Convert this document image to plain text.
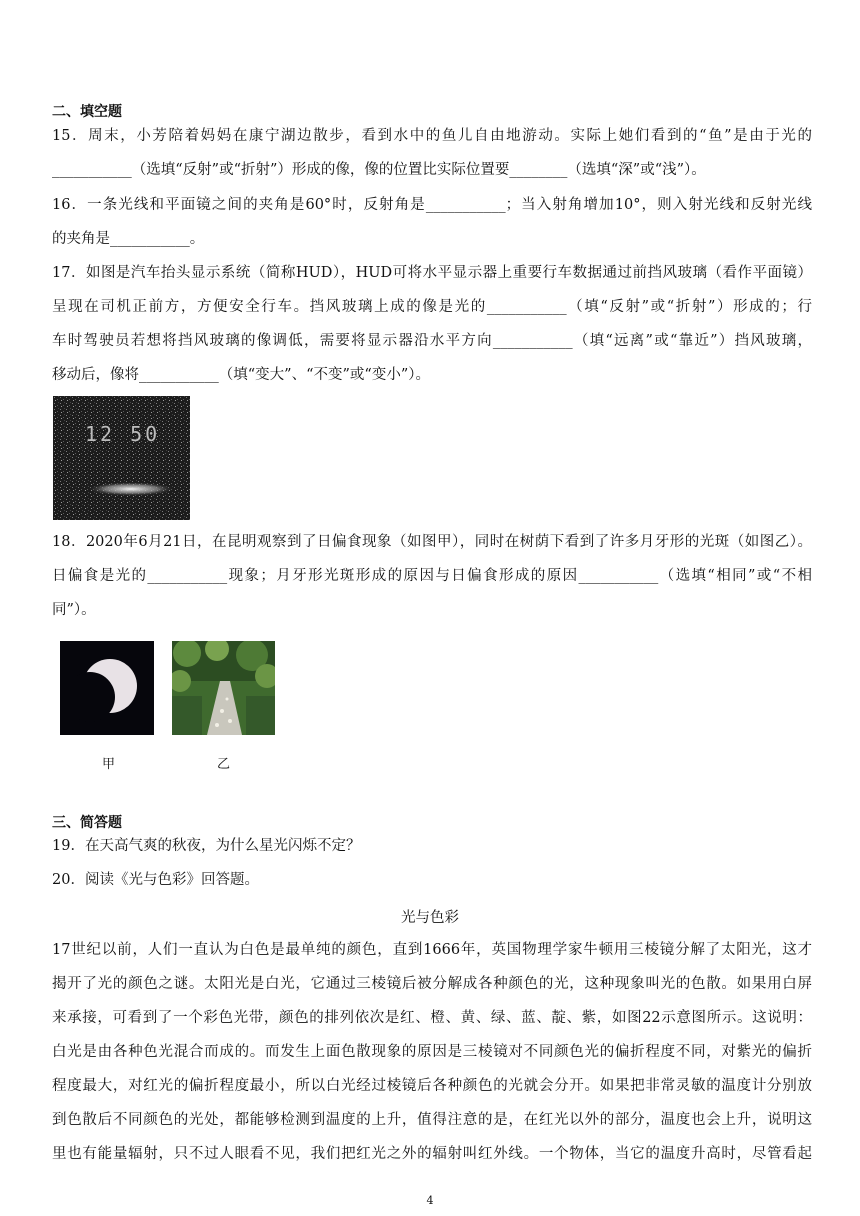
二、填空题
15．周末，小芳陪着妈妈在康宁湖边散步，看到水中的鱼儿自由地游动。实际上她们看到的“鱼”是由于光的
___________（选填“反射”或“折射”）形成的像，像的位置比实际位置要________（选填“深”或“浅”）。
16．一条光线和平面镜之间的夹角是60°时，反射角是___________；当入射角增加10°，则入射光线和反射光线
的夹角是___________。
17．如图是汽车抬头显示系统（简称HUD），HUD可将水平显示器上重要行车数据通过前挡风玻璃（看作平面镜）
呈现在司机正前方，方便安全行车。挡风玻璃上成的像是光的___________（填“反射”或“折射”）形成的；行
车时驾驶员若想将挡风玻璃的像调低，需要将显示器沿水平方向___________（填“远离”或“靠近”）挡风玻璃，
移动后，像将___________（填“变大”、“不变”或“变小”）。
12 50
18．2020年6月21日，在昆明观察到了日偏食现象（如图甲），同时在树荫下看到了许多月牙形的光斑（如图乙）。
日偏食是光的___________现象；月牙形光斑形成的原因与日偏食形成的原因___________（选填“相同”或“不相
同”）。
甲	乙
三、简答题
19．在天高气爽的秋夜，为什么星光闪烁不定？
20．阅读《光与色彩》回答题。
光与色彩
17世纪以前，人们一直认为白色是最单纯的颜色，直到1666年，英国物理学家牛顿用三棱镜分解了太阳光，这才
揭开了光的颜色之谜。太阳光是白光，它通过三棱镜后被分解成各种颜色的光，这种现象叫光的色散。如果用白屏
来承接，可看到了一个彩色光带，颜色的排列依次是红、橙、黄、绿、蓝、靛、紫，如图22示意图所示。这说明：
白光是由各种色光混合而成的。而发生上面色散现象的原因是三棱镜对不同颜色光的偏折程度不同，对紫光的偏折
程度最大，对红光的偏折程度最小，所以白光经过棱镜后各种颜色的光就会分开。如果把非常灵敏的温度计分别放
到色散后不同颜色的光处，都能够检测到温度的上升，值得注意的是，在红光以外的部分，温度也会上升，说明这
里也有能量辐射，只不过人眼看不见，我们把红光之外的辐射叫红外线。一个物体，当它的温度升高时，尽管看起
4
